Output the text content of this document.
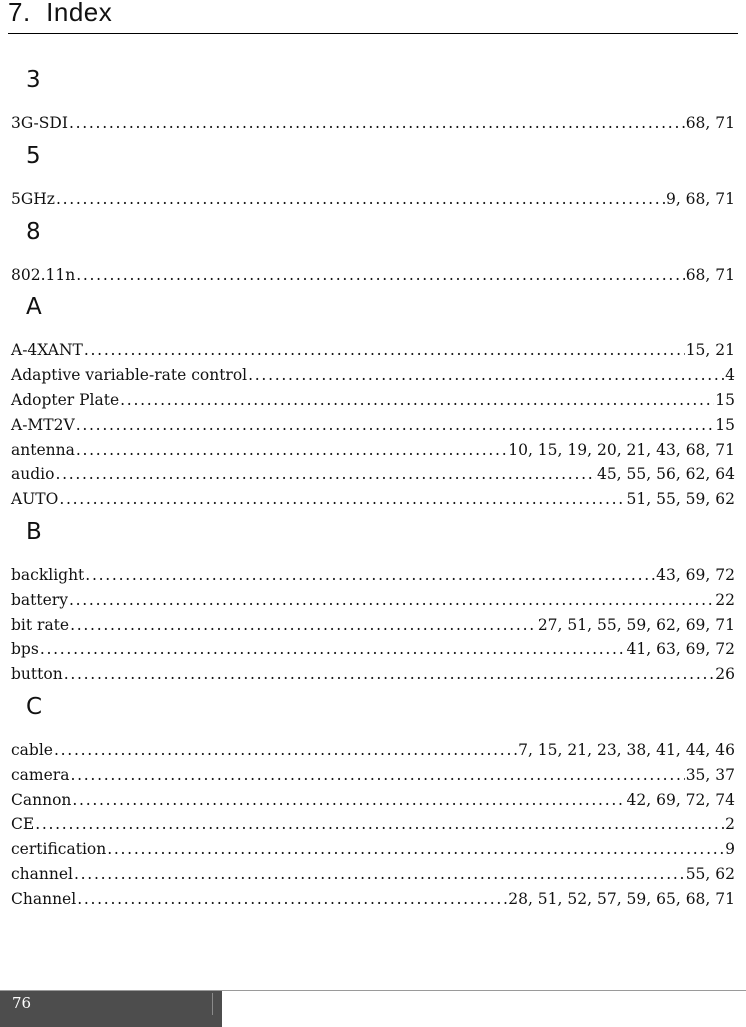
7.  Index
3
3G-SDI . . .	68, 71
5
5GHz . . .	9, 68, 71
8
802.11n . . .	68, 71
A
A-4XANT . . .	15, 21
Adaptive variable-rate control . . .	4
Adopter Plate . . .	15
A-MT2V . . .	15
antenna . . .	10, 15, 19, 20, 21, 43, 68, 71
audio . . .	45, 55, 56, 62, 64
AUTO . . .	51, 55, 59, 62
B
backlight . . .	43, 69, 72
battery . . .	22
bit rate . . .	27, 51, 55, 59, 62, 69, 71
bps . . .	41, 63, 69, 72
button . . .	26
C
cable . . .	7, 15, 21, 23, 38, 41, 44, 46
camera . . .	35, 37
Cannon . . .	42, 69, 72, 74
CE . . .	2
certification . . .	9
channel . . .	55, 62
Channel . . .	28, 51, 52, 57, 59, 65, 68, 71
76
